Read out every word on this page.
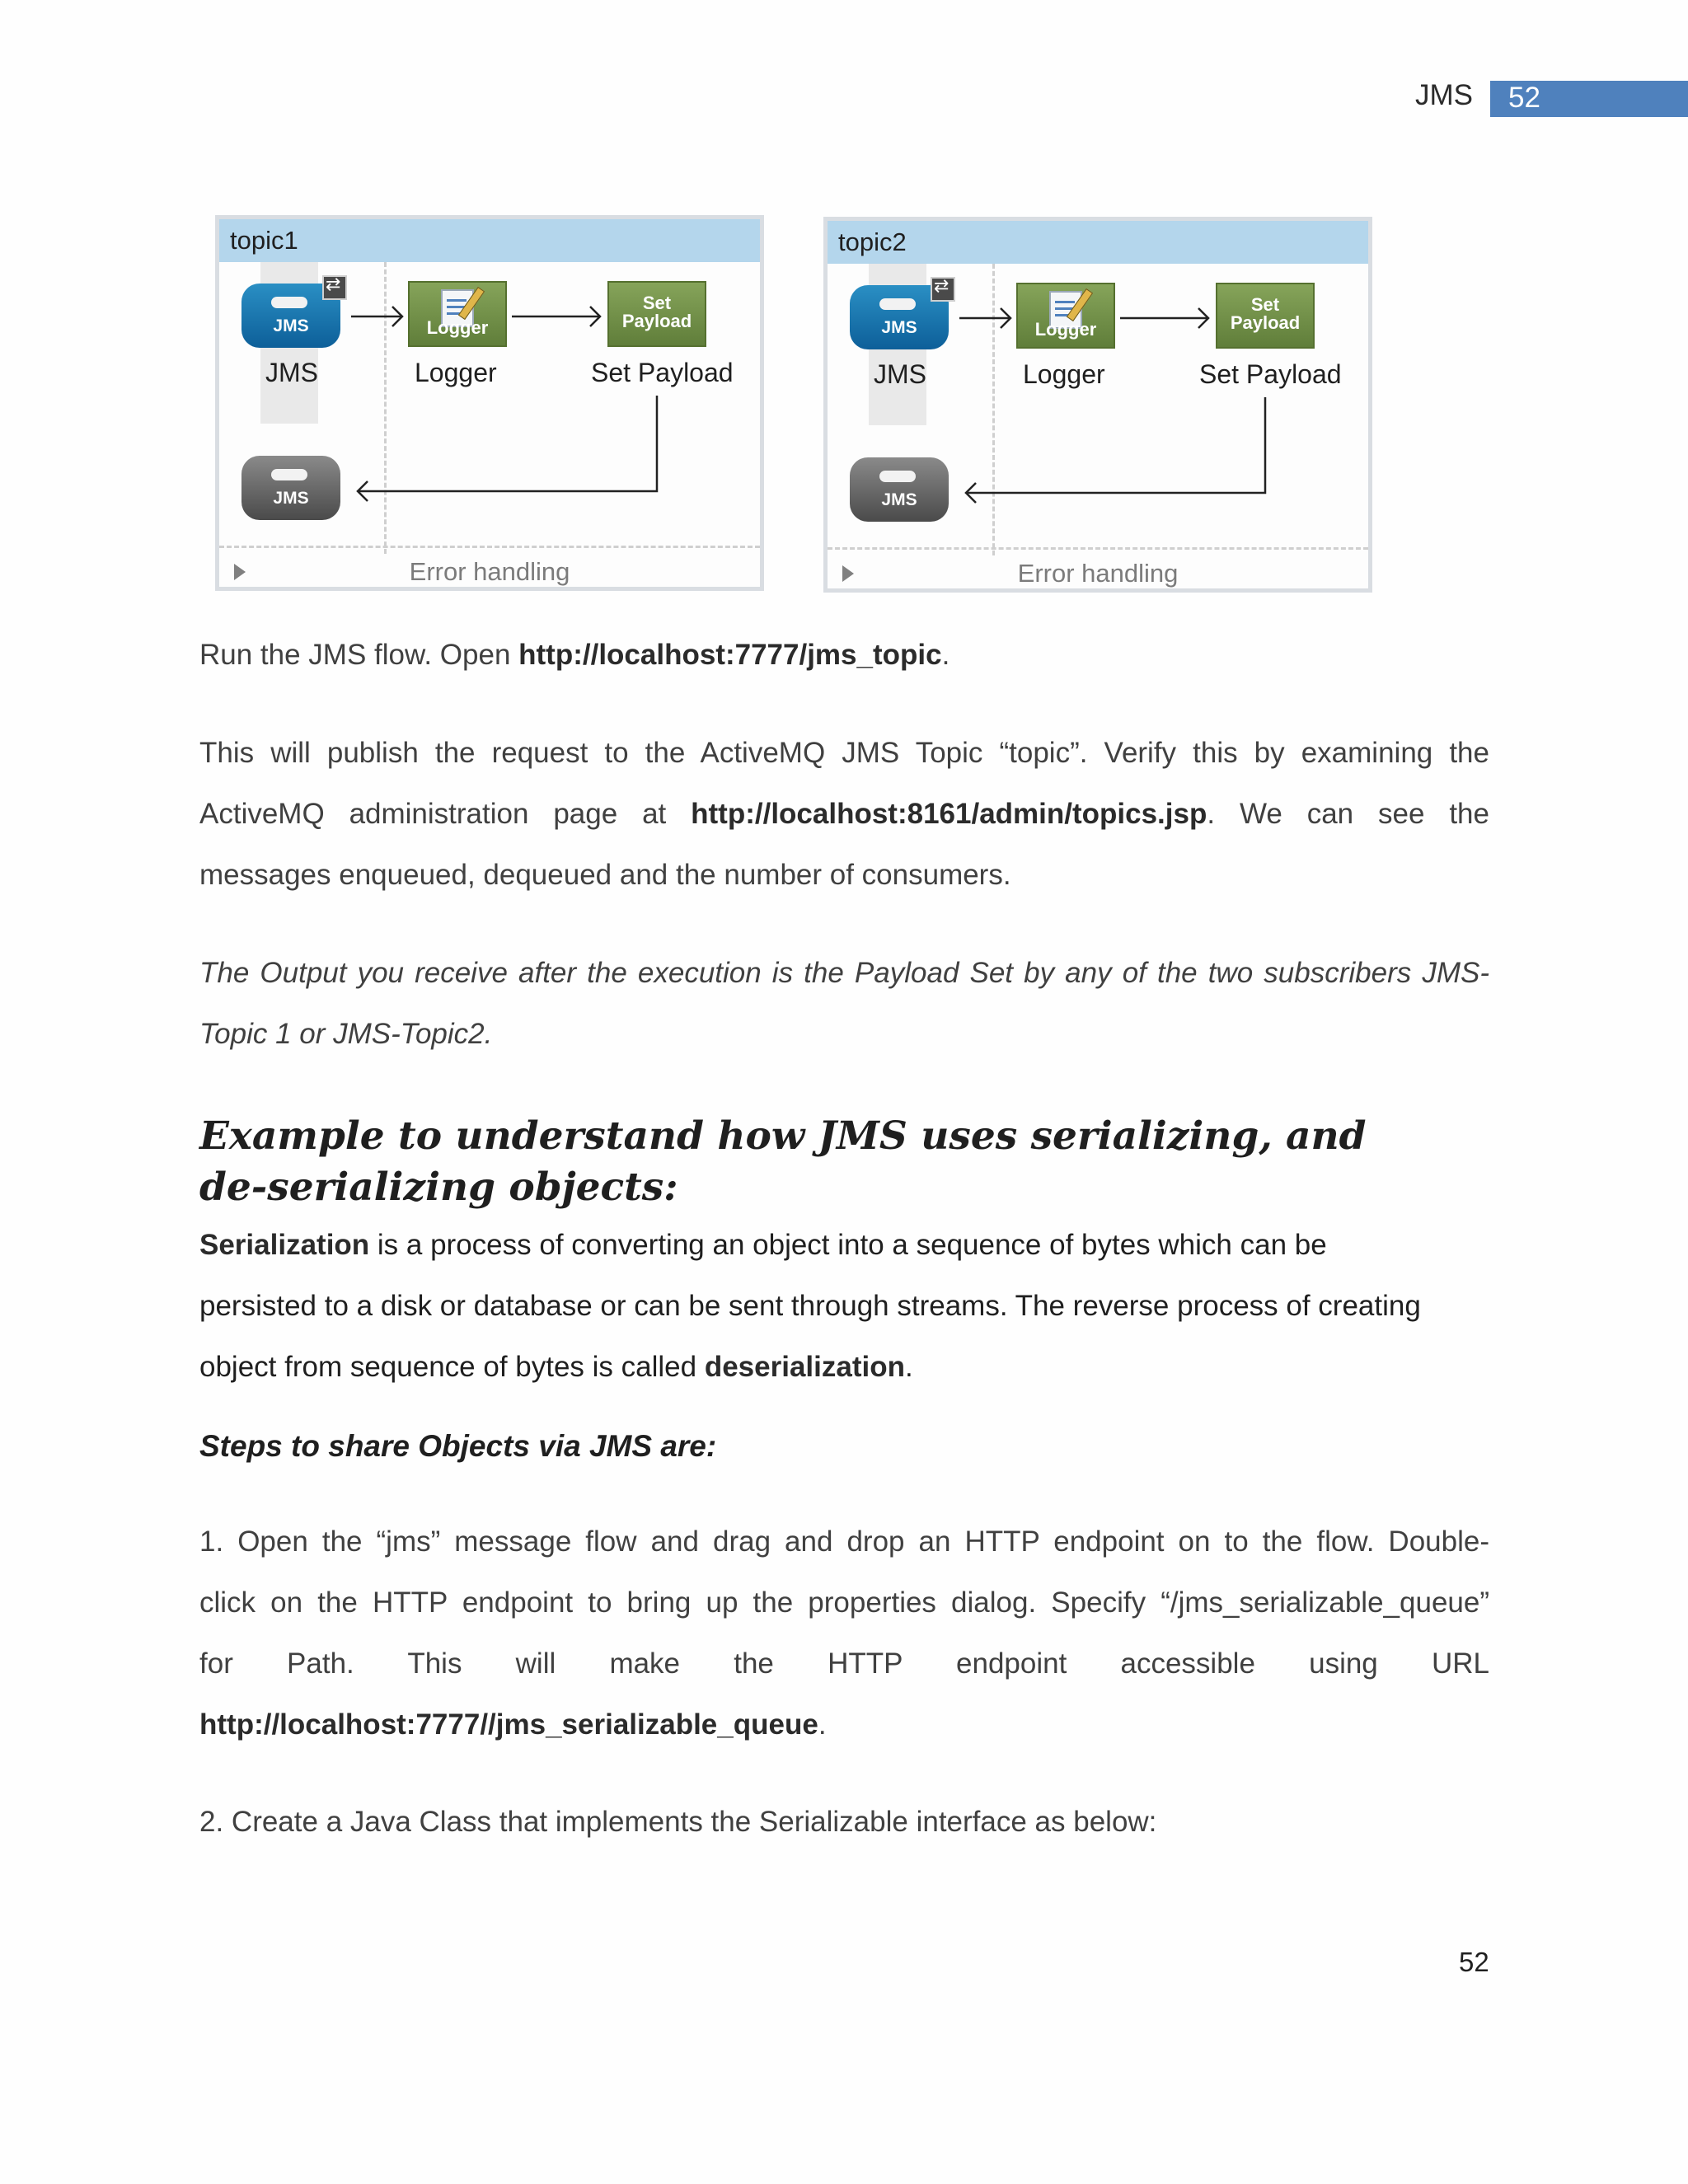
JMS 52
topic1
JMS
⇄
JMS
Logger
Logger
Set
Payload
Set Payload
JMS
Error handling
topic2
JMS
⇄
JMS
Logger
Logger
Set
Payload
Set Payload
JMS
Error handling
Run the JMS flow. Open http://localhost:7777/jms_topic.
This will publish the request to the ActiveMQ JMS Topic “topic”. Verify this by examining the
ActiveMQ administration page at http://localhost:8161/admin/topics.jsp. We can see the
messages enqueued, dequeued and the number of consumers.
The Output you receive after the execution is the Payload Set by any of the two subscribers JMS-
Topic 1 or JMS-Topic2.
Example to understand how JMS uses serializing, and de-serializing objects:
Serialization is a process of converting an object into a sequence of bytes which can be
persisted to a disk or database or can be sent through streams. The reverse process of creating
object from sequence of bytes is called deserialization.
Steps to share Objects via JMS are:
1. Open the “jms” message flow and drag and drop an HTTP endpoint on to the flow. Double-
click on the HTTP endpoint to bring up the properties dialog. Specify “/jms_serializable_queue”
for Path. This will make the HTTP endpoint accessible using URL
http://localhost:7777//jms_serializable_queue.
2. Create a Java Class that implements the Serializable interface as below:
52
